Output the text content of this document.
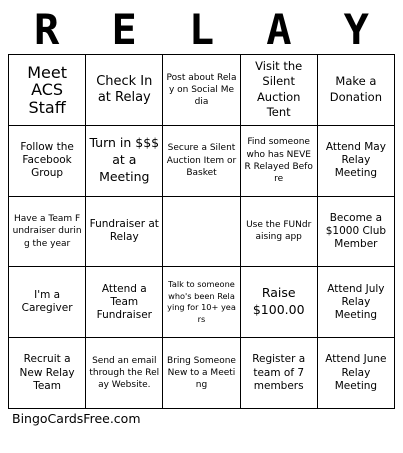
R	E	L	A	Y
Meet ACS Staff
Check In at Relay
Post about Relay on Social Media
Visit the Silent Auction Tent
Make a Donation
Follow the Facebook Group
Turn in $$$ at a Meeting
Secure a Silent Auction Item or Basket
Find someone who has NEVER Relayed Before
Attend May Relay Meeting
Have a Team Fundraiser during the year
Fundraiser at Relay
Use the FUNdraising app
Become a $1000 Club Member
I'm a Caregiver
Attend a Team Fundraiser
Talk to someone who's been Relaying for 10+ years
Raise $100.00
Attend July Relay Meeting
Recruit a New Relay Team
Send an email through the Relay Website.
Bring Someone New to a Meeting
Register a team of 7 members
Attend June Relay Meeting
BingoCardsFree.com
